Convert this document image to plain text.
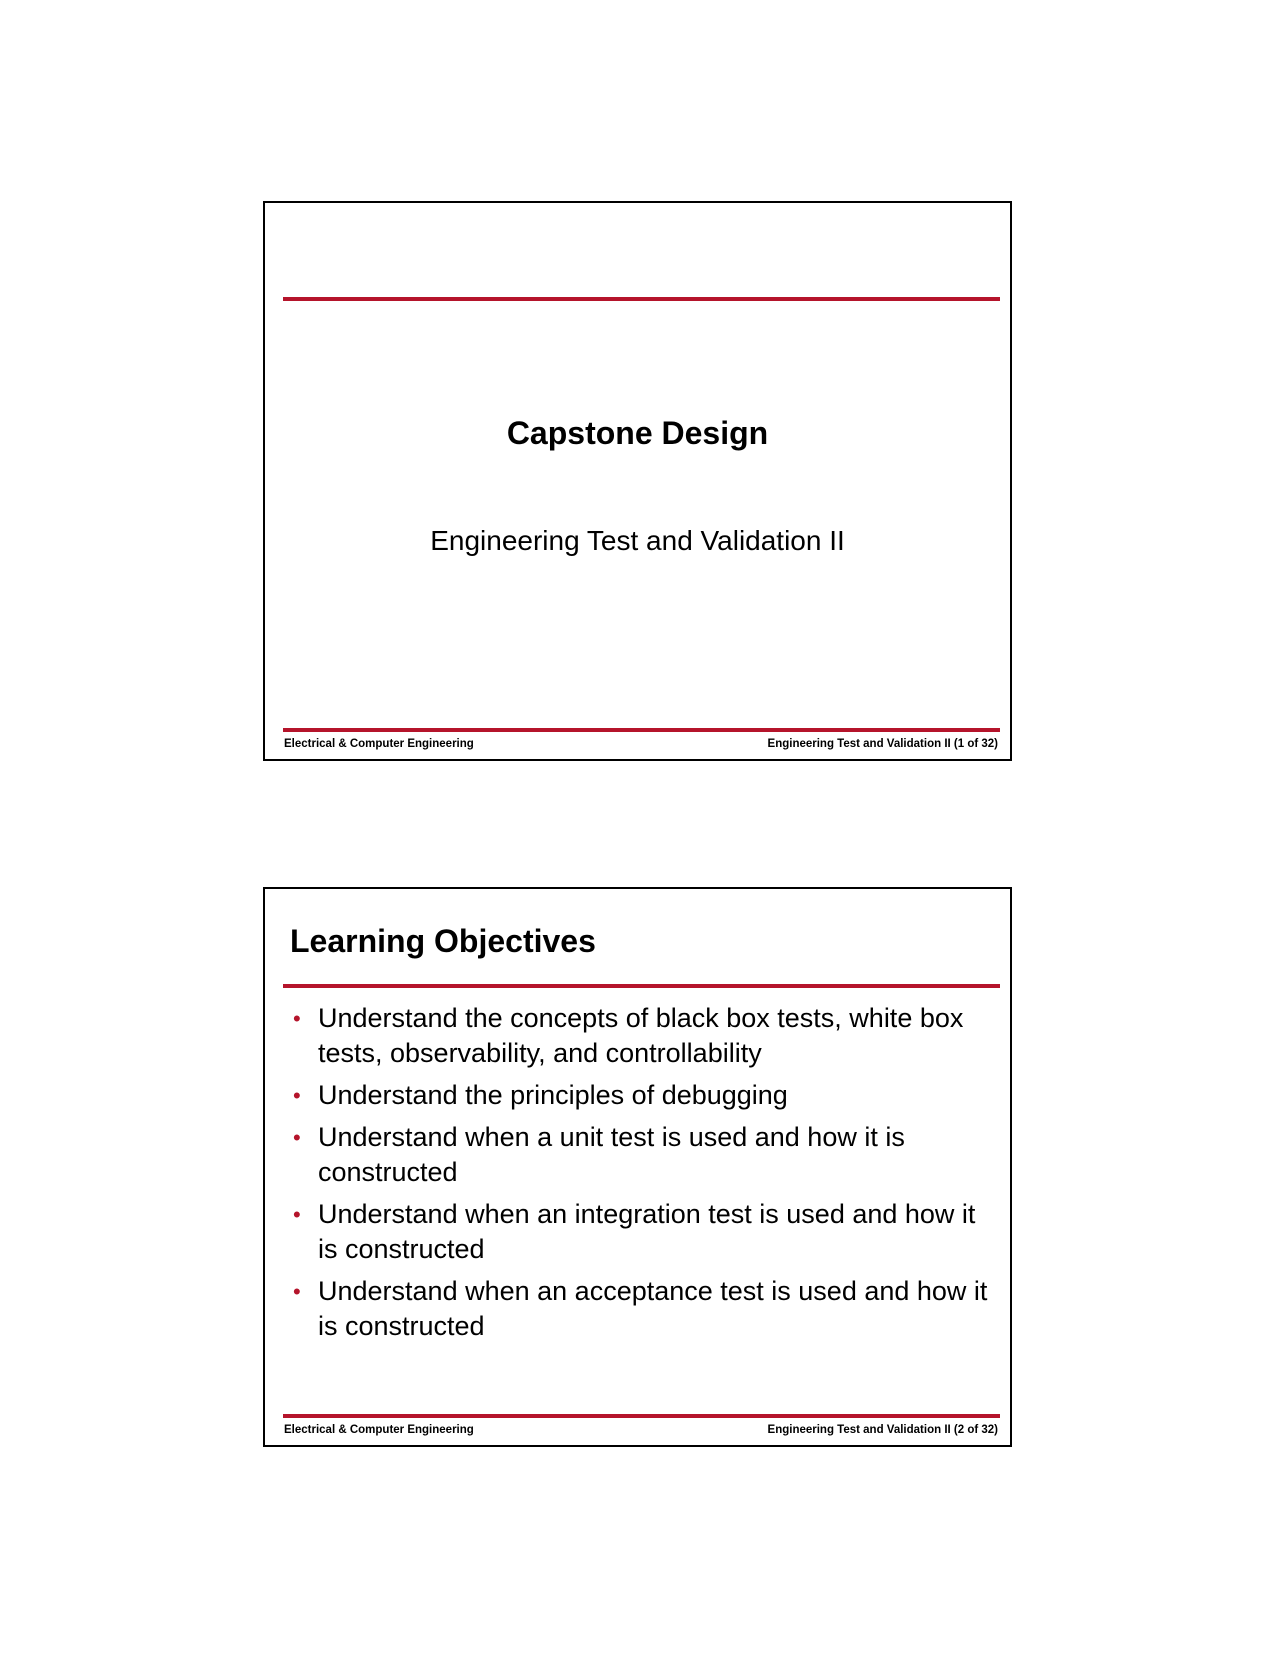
Capstone Design
Engineering Test and Validation II
Electrical & Computer Engineering	Engineering Test and Validation II (1 of 32)
Learning Objectives
• Understand the concepts of black box tests, white box tests, observability, and controllability
• Understand the principles of debugging
• Understand when a unit test is used and how it is constructed
• Understand when an integration test is used and how it is constructed
• Understand when an acceptance test is used and how it is constructed
Electrical & Computer Engineering	Engineering Test and Validation II (2 of 32)
